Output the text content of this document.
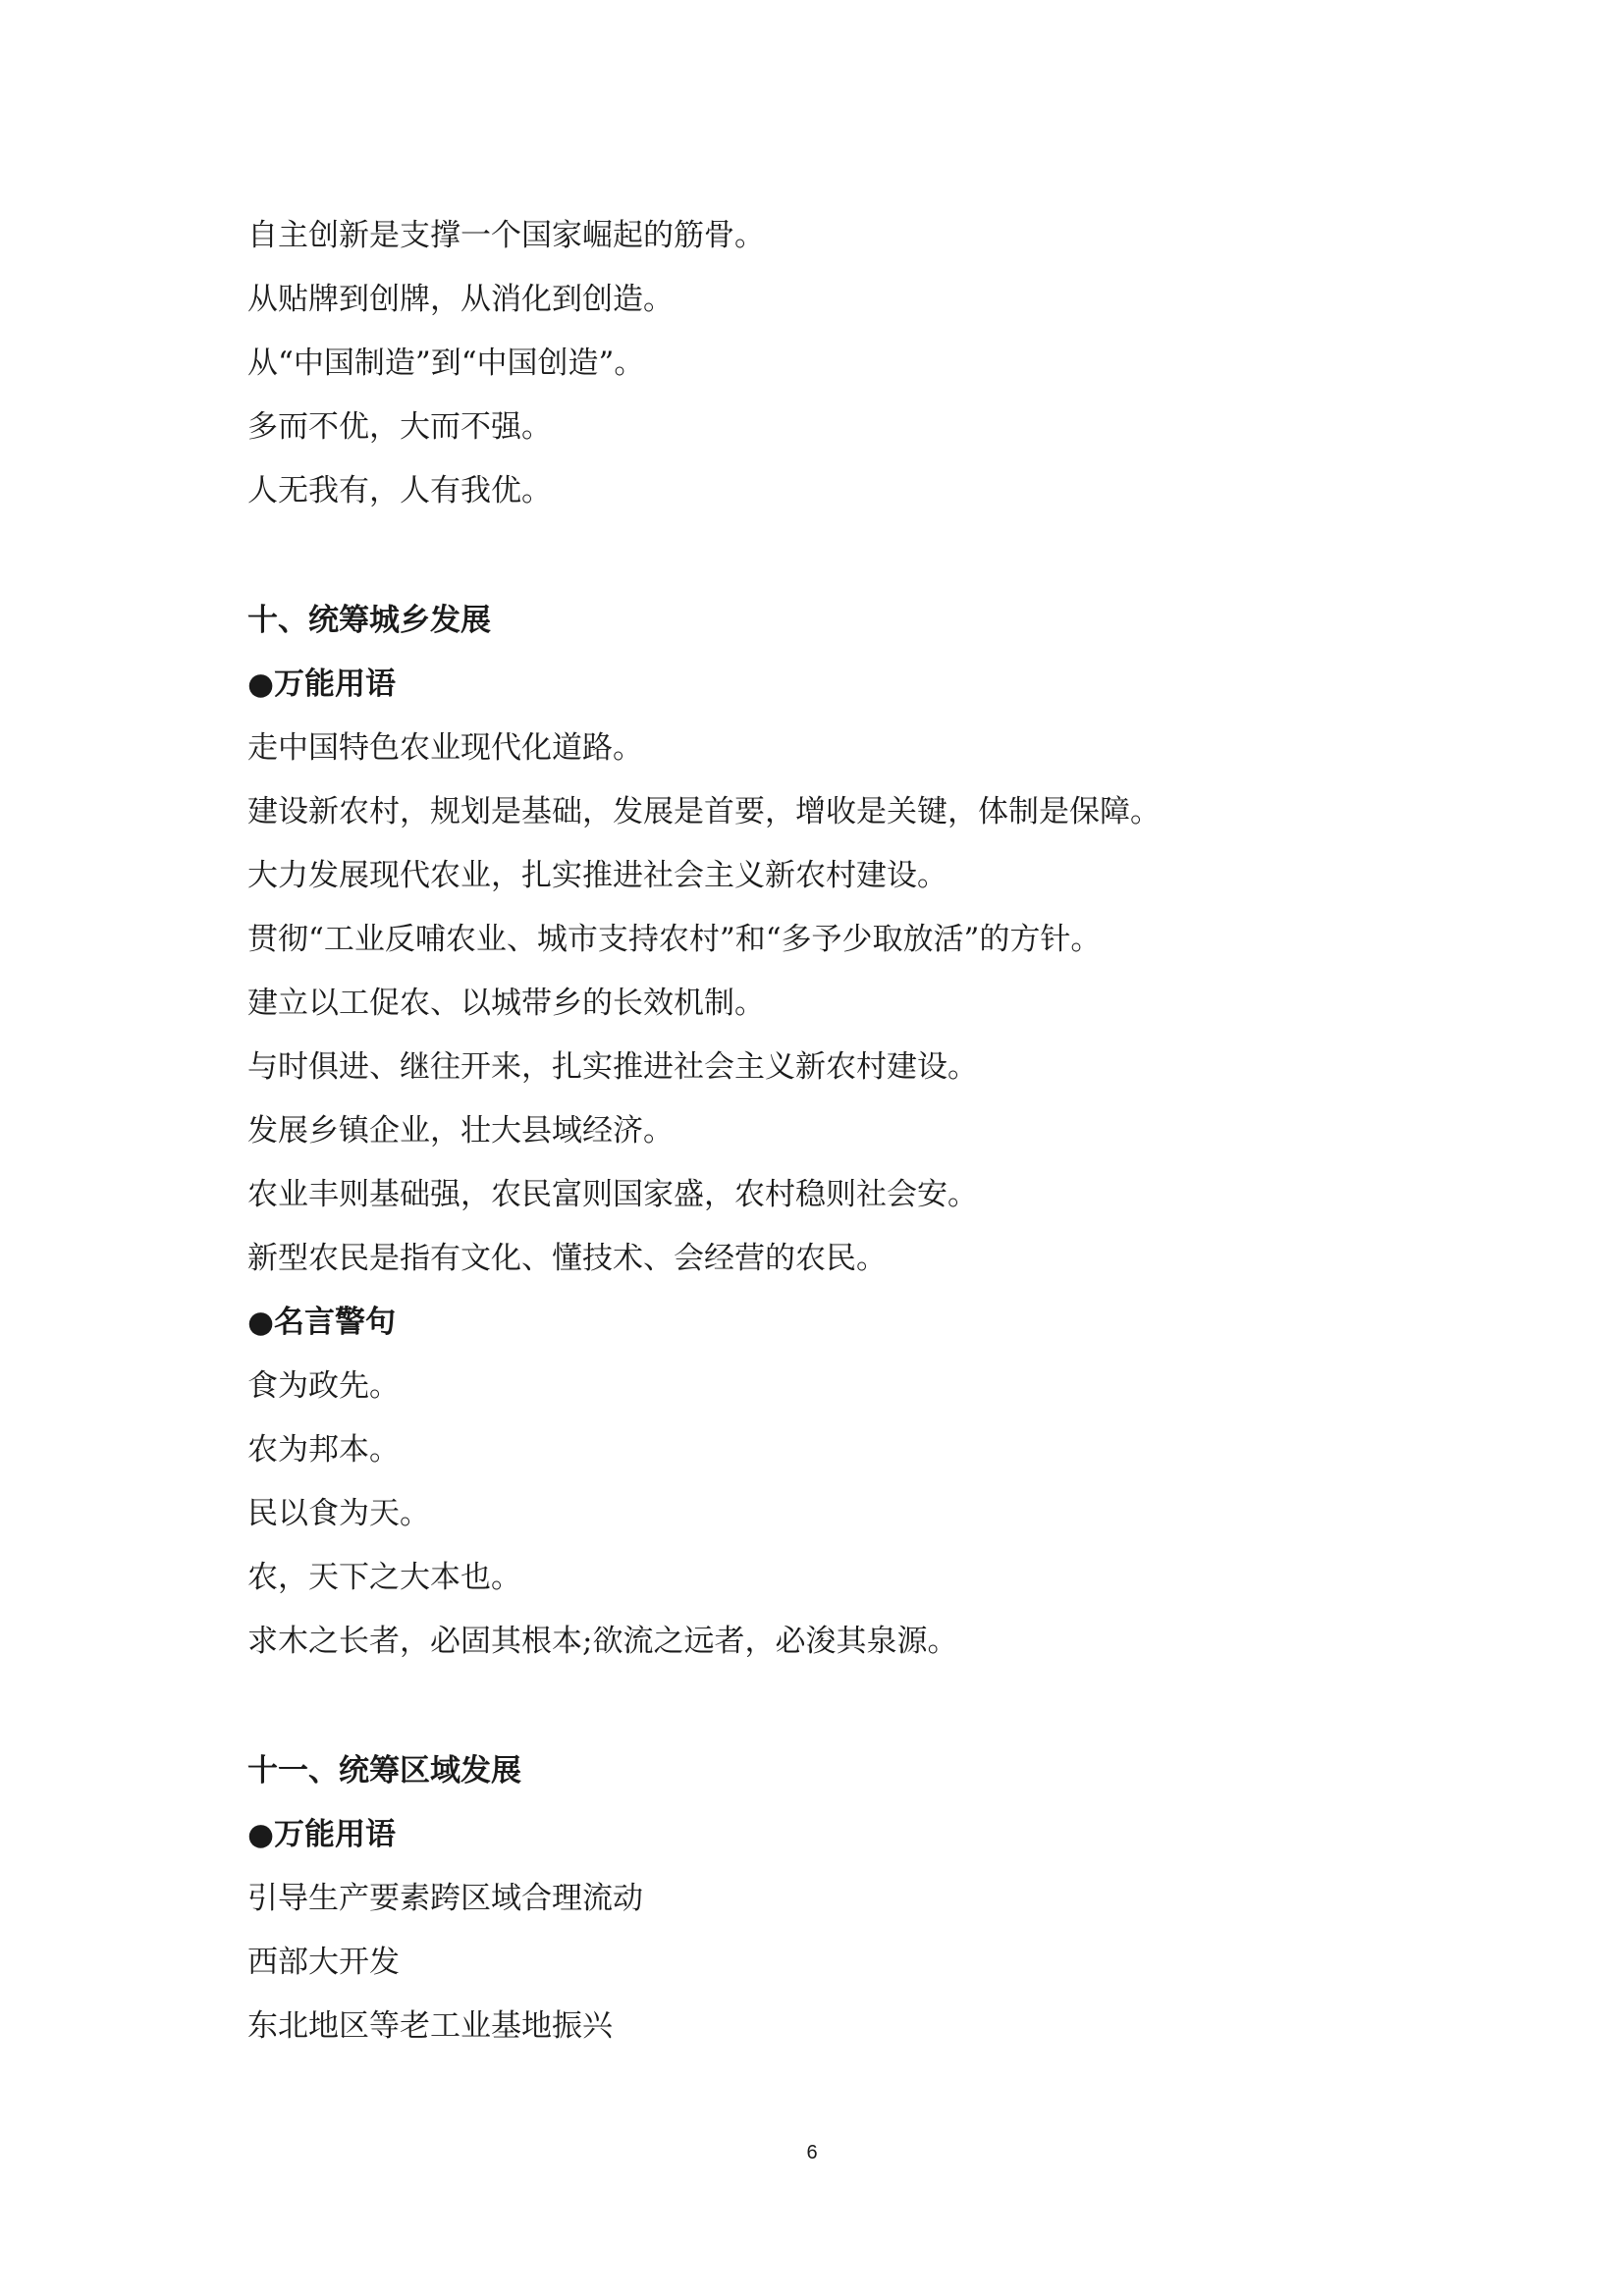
自主创新是支撑一个国家崛起的筋骨。
从贴牌到创牌，从消化到创造。
从“中国制造”到“中国创造”。
多而不优，大而不强。
人无我有，人有我优。
十、统筹城乡发展
●万能用语
走中国特色农业现代化道路。
建设新农村，规划是基础，发展是首要，增收是关键，体制是保障。
大力发展现代农业，扎实推进社会主义新农村建设。
贯彻“工业反哺农业、城市支持农村”和“多予少取放活”的方针。
建立以工促农、以城带乡的长效机制。
与时俱进、继往开来，扎实推进社会主义新农村建设。
发展乡镇企业，壮大县域经济。
农业丰则基础强，农民富则国家盛，农村稳则社会安。
新型农民是指有文化、懂技术、会经营的农民。
●名言警句
食为政先。
农为邦本。
民以食为天。
农，天下之大本也。
求木之长者，必固其根本;欲流之远者，必浚其泉源。
十一、统筹区域发展
●万能用语
引导生产要素跨区域合理流动
西部大开发
东北地区等老工业基地振兴
6
